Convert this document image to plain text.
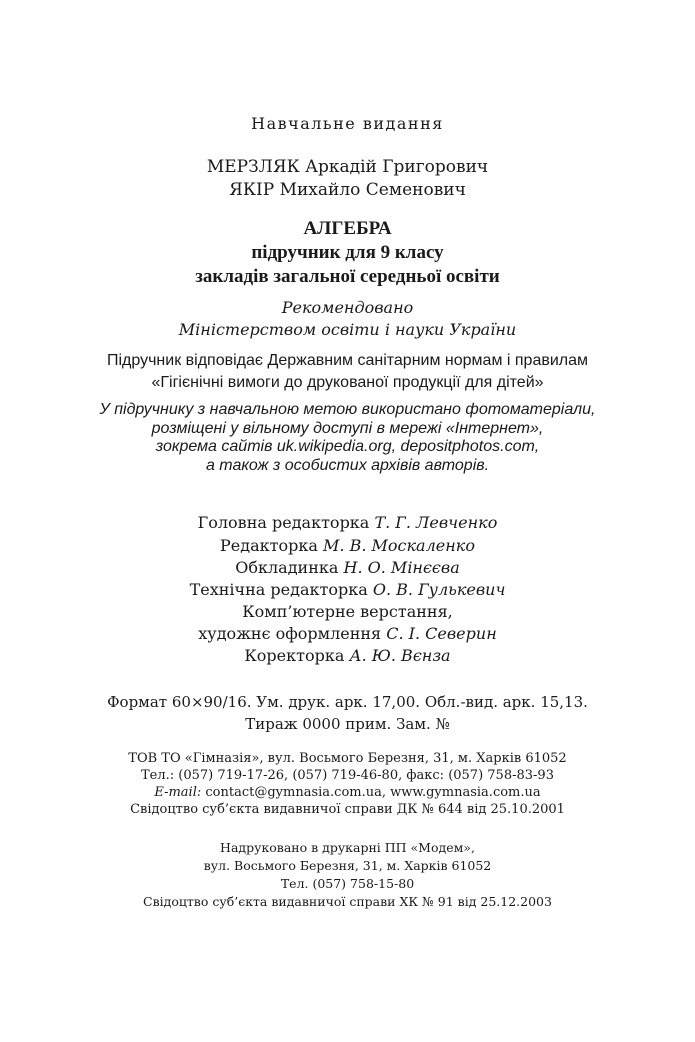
Навчальне видання
МЕРЗЛЯК Аркадій Григорович
ЯКІР Михайло Семенович
АЛГЕБРА
підручник для 9 класу
закладів загальної середньої освіти
Рекомендовано
Міністерством освіти і науки України
Підручник відповідає Державним санітарним нормам і правилам
«Гігієнічні вимоги до друкованої продукції для дітей»
У підручнику з навчальною метою використано фотоматеріали,
розміщені у вільному доступі в мережі «Інтернет»,
зокрема сайтів uk.wikipedia.org, depositphotos.com,
а також з особистих архівів авторів.
Головна редакторка Т. Г. Левченко
Редакторка М. В. Москаленко
Обкладинка Н. О. Мінєєва
Технічна редакторка О. В. Гулькевич
Комп’ютерне верстання,
художнє оформлення С. І. Северин
Коректорка А. Ю. Вєнза
Формат 60×90/16. Ум. друк. арк. 17,00. Обл.-вид. арк. 15,13.
Тираж 0000 прим. Зам. №
ТОВ ТО «Гімназія», вул. Восьмого Березня, 31, м. Харків 61052
Тел.: (057) 719-17-26, (057) 719-46-80, факс: (057) 758-83-93
E-mail: contact@gymnasia.com.ua, www.gymnasia.com.ua
Свідоцтво суб’єкта видавничої справи ДК № 644 від 25.10.2001
Надруковано в друкарні ПП «Модем»,
вул. Восьмого Березня, 31, м. Харків 61052
Тел. (057) 758-15-80
Свідоцтво суб’єкта видавничої справи ХК № 91 від 25.12.2003
